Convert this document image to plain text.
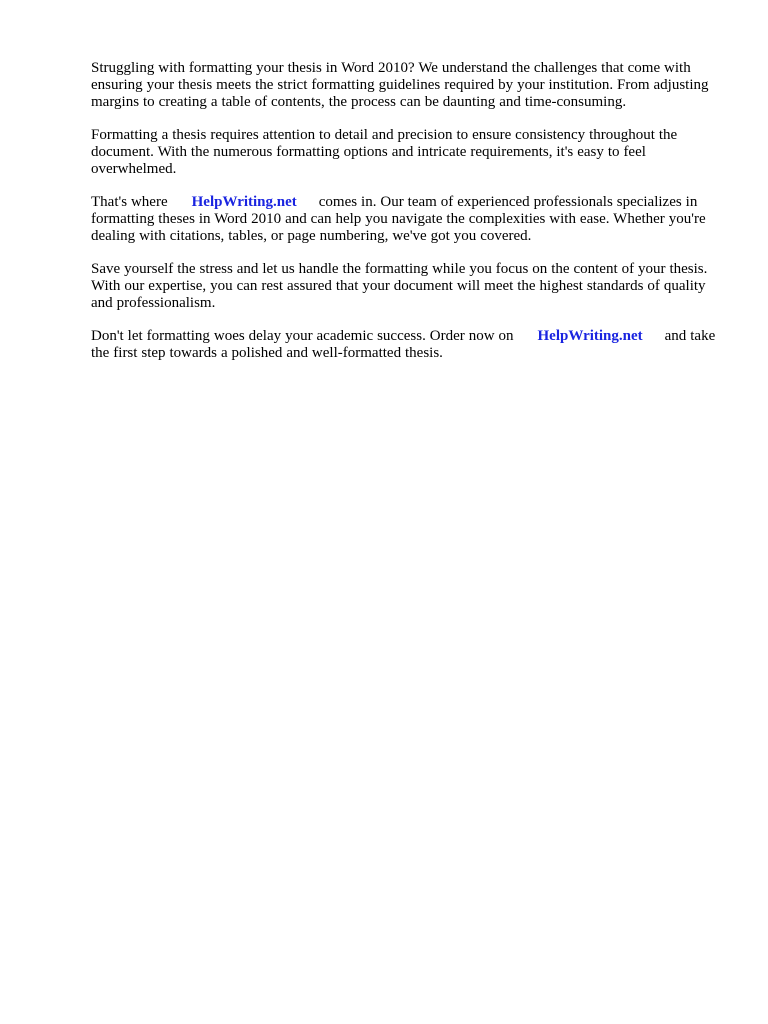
Struggling with formatting your thesis in Word 2010? We understand the challenges that come with ensuring your thesis meets the strict formatting guidelines required by your institution. From adjusting margins to creating a table of contents, the process can be daunting and time-consuming.

Formatting a thesis requires attention to detail and precision to ensure consistency throughout the document. With the numerous formatting options and intricate requirements, it's easy to feel overwhelmed.

That's where HelpWriting.net comes in. Our team of experienced professionals specializes in formatting theses in Word 2010 and can help you navigate the complexities with ease. Whether you're dealing with citations, tables, or page numbering, we've got you covered.

Save yourself the stress and let us handle the formatting while you focus on the content of your thesis. With our expertise, you can rest assured that your document will meet the highest standards of quality and professionalism.

Don't let formatting woes delay your academic success. Order now on HelpWriting.net and take the first step towards a polished and well-formatted thesis.
